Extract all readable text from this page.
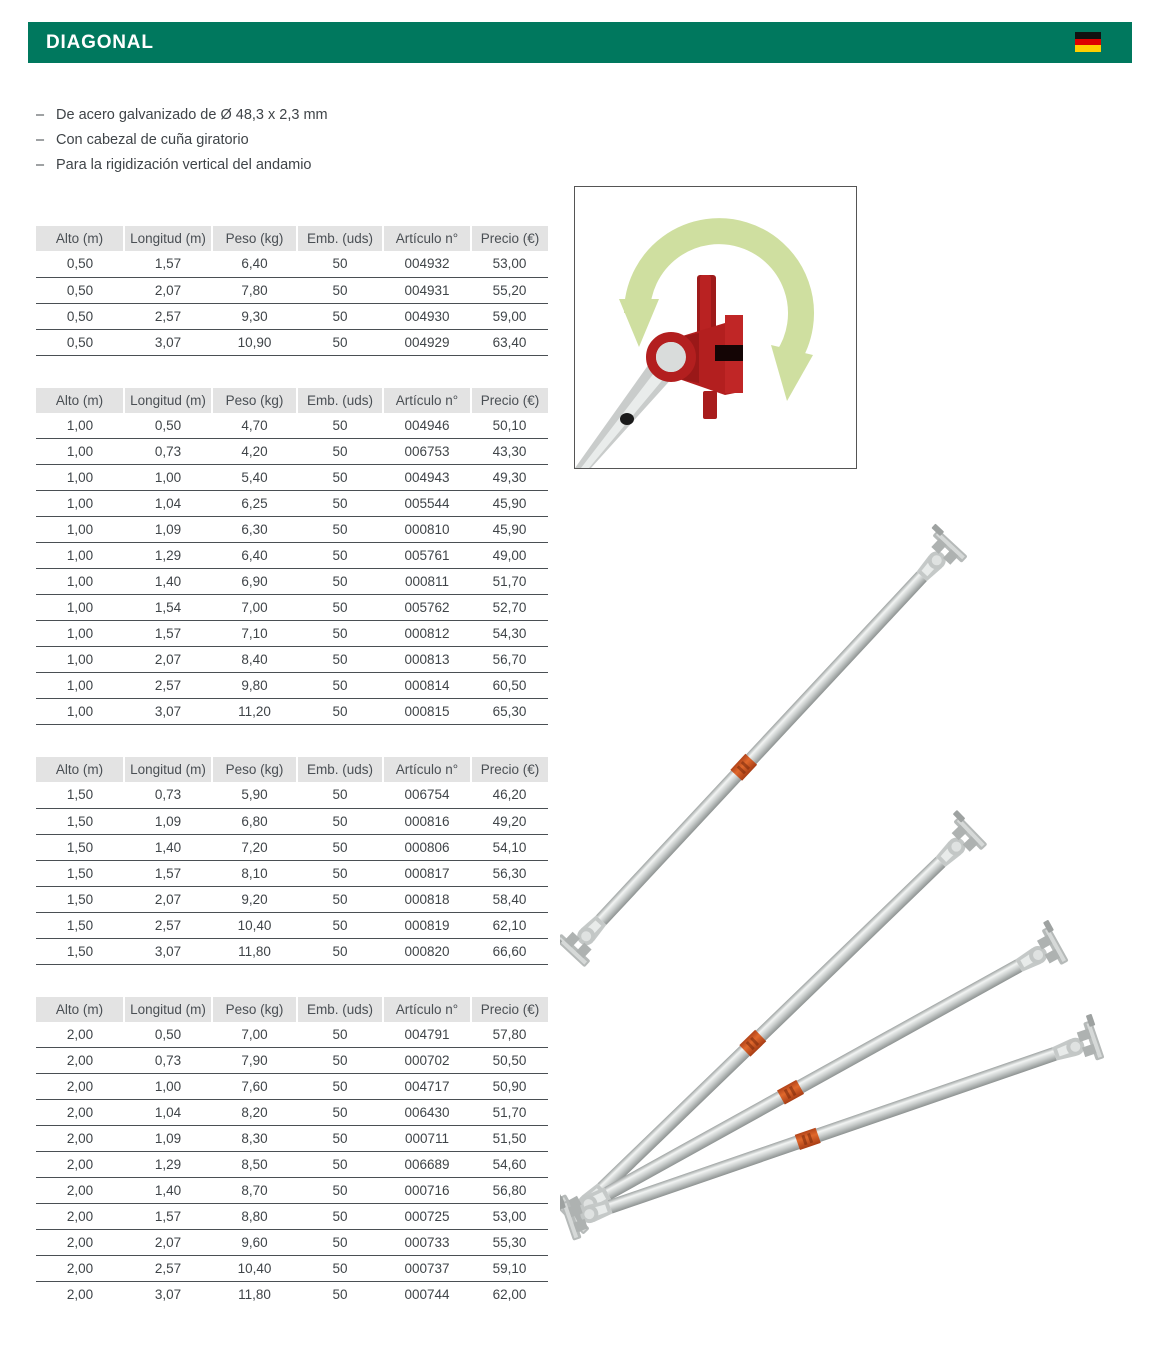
DIAGONAL
– De acero galvanizado de Ø 48,3 x 2,3 mm
– Con cabezal de cuña giratorio
– Para la rigidización vertical del andamio
Alto (m)	Longitud (m)	Peso (kg)	Emb. (uds)	Artículo n°	Precio (€)
0,50	1,57	6,40	50	004932	53,00
0,50	2,07	7,80	50	004931	55,20
0,50	2,57	9,30	50	004930	59,00
0,50	3,07	10,90	50	004929	63,40
Alto (m)	Longitud (m)	Peso (kg)	Emb. (uds)	Artículo n°	Precio (€)
1,00	0,50	4,70	50	004946	50,10
1,00	0,73	4,20	50	006753	43,30
1,00	1,00	5,40	50	004943	49,30
1,00	1,04	6,25	50	005544	45,90
1,00	1,09	6,30	50	000810	45,90
1,00	1,29	6,40	50	005761	49,00
1,00	1,40	6,90	50	000811	51,70
1,00	1,54	7,00	50	005762	52,70
1,00	1,57	7,10	50	000812	54,30
1,00	2,07	8,40	50	000813	56,70
1,00	2,57	9,80	50	000814	60,50
1,00	3,07	11,20	50	000815	65,30
Alto (m)	Longitud (m)	Peso (kg)	Emb. (uds)	Artículo n°	Precio (€)
1,50	0,73	5,90	50	006754	46,20
1,50	1,09	6,80	50	000816	49,20
1,50	1,40	7,20	50	000806	54,10
1,50	1,57	8,10	50	000817	56,30
1,50	2,07	9,20	50	000818	58,40
1,50	2,57	10,40	50	000819	62,10
1,50	3,07	11,80	50	000820	66,60
Alto (m)	Longitud (m)	Peso (kg)	Emb. (uds)	Artículo n°	Precio (€)
2,00	0,50	7,00	50	004791	57,80
2,00	0,73	7,90	50	000702	50,50
2,00	1,00	7,60	50	004717	50,90
2,00	1,04	8,20	50	006430	51,70
2,00	1,09	8,30	50	000711	51,50
2,00	1,29	8,50	50	006689	54,60
2,00	1,40	8,70	50	000716	56,80
2,00	1,57	8,80	50	000725	53,00
2,00	2,07	9,60	50	000733	55,30
2,00	2,57	10,40	50	000737	59,10
2,00	3,07	11,80	50	000744	62,00
